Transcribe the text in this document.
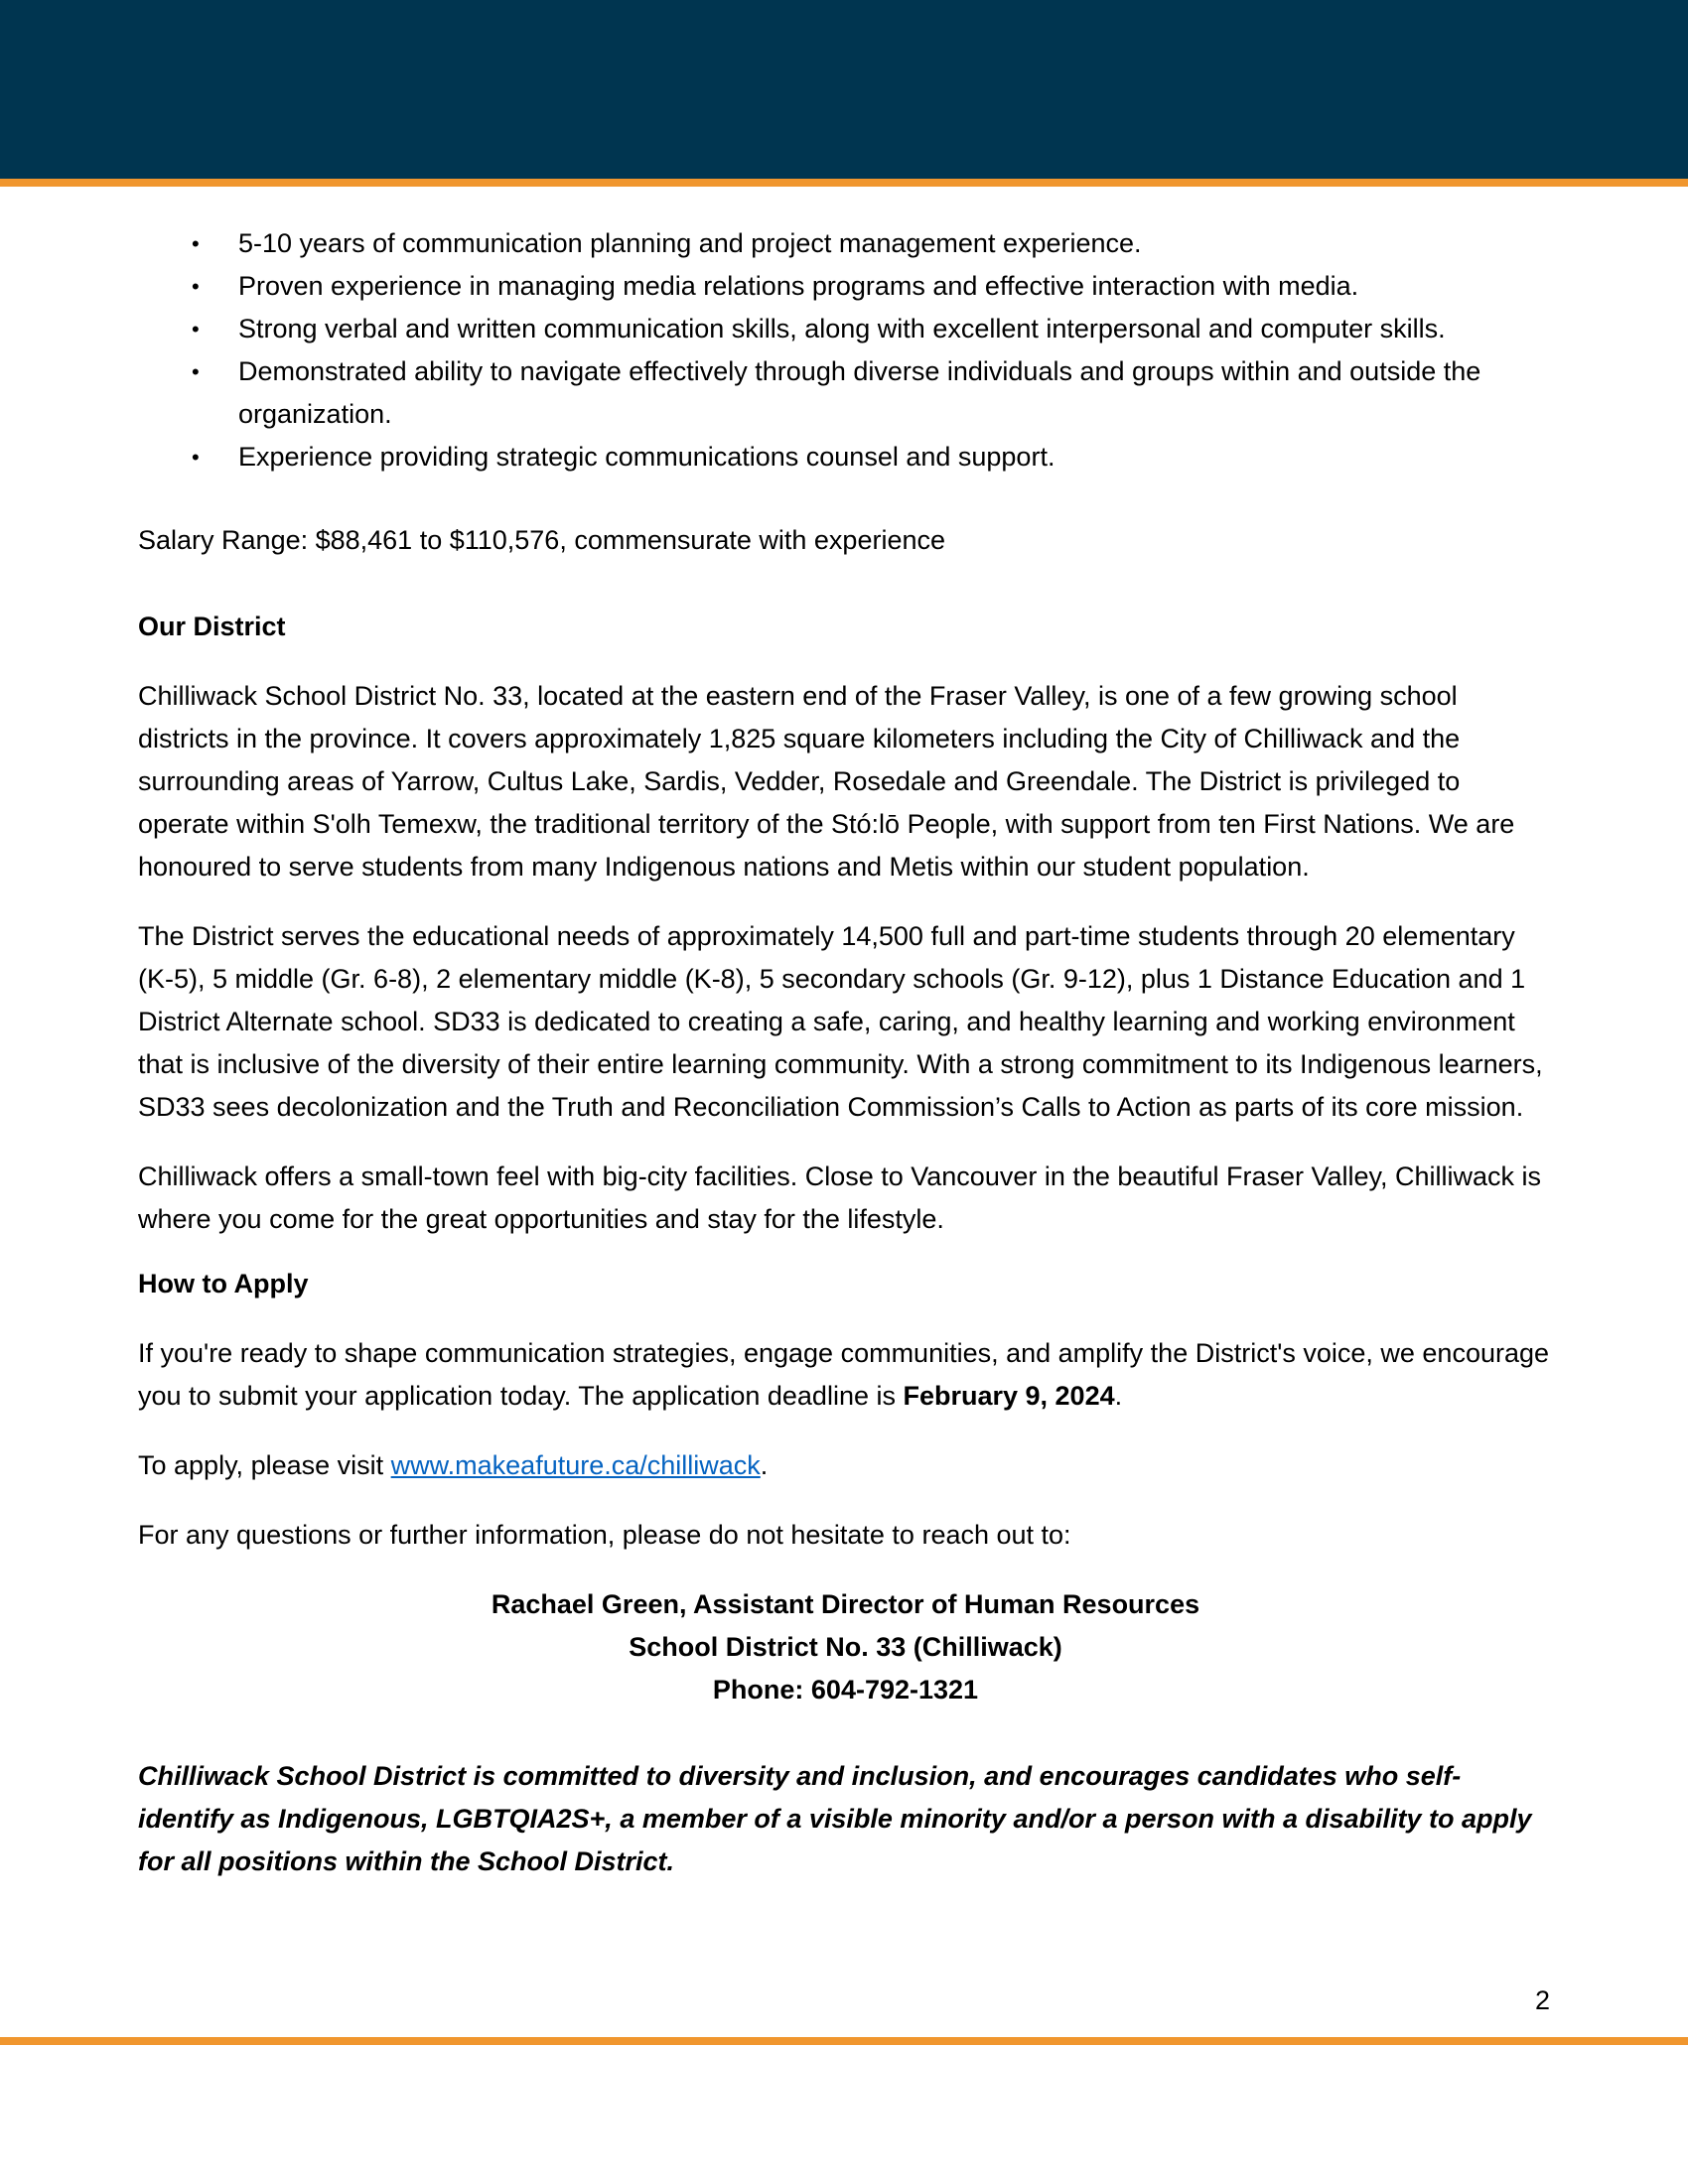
• 5-10 years of communication planning and project management experience.
• Proven experience in managing media relations programs and effective interaction with media.
• Strong verbal and written communication skills, along with excellent interpersonal and computer skills.
• Demonstrated ability to navigate effectively through diverse individuals and groups within and outside the organization.
• Experience providing strategic communications counsel and support.

Salary Range: $88,461 to $110,576, commensurate with experience

Our District

Chilliwack School District No. 33, located at the eastern end of the Fraser Valley, is one of a few growing school districts in the province. It covers approximately 1,825 square kilometers including the City of Chilliwack and the surrounding areas of Yarrow, Cultus Lake, Sardis, Vedder, Rosedale and Greendale. The District is privileged to operate within S'olh Temexw, the traditional territory of the Stó:lō People, with support from ten First Nations. We are honoured to serve students from many Indigenous nations and Metis within our student population.

The District serves the educational needs of approximately 14,500 full and part-time students through 20 elementary (K-5), 5 middle (Gr. 6-8), 2 elementary middle (K-8), 5 secondary schools (Gr. 9-12), plus 1 Distance Education and 1 District Alternate school. SD33 is dedicated to creating a safe, caring, and healthy learning and working environment that is inclusive of the diversity of their entire learning community. With a strong commitment to its Indigenous learners, SD33 sees decolonization and the Truth and Reconciliation Commission’s Calls to Action as parts of its core mission.

Chilliwack offers a small-town feel with big-city facilities. Close to Vancouver in the beautiful Fraser Valley, Chilliwack is where you come for the great opportunities and stay for the lifestyle.

How to Apply

If you're ready to shape communication strategies, engage communities, and amplify the District's voice, we encourage you to submit your application today. The application deadline is February 9, 2024.

To apply, please visit www.makeafuture.ca/chilliwack.

For any questions or further information, please do not hesitate to reach out to:

Rachael Green, Assistant Director of Human Resources
School District No. 33 (Chilliwack)
Phone: 604-792-1321

Chilliwack School District is committed to diversity and inclusion, and encourages candidates who self-identify as Indigenous, LGBTQIA2S+, a member of a visible minority and/or a person with a disability to apply for all positions within the School District.

2
